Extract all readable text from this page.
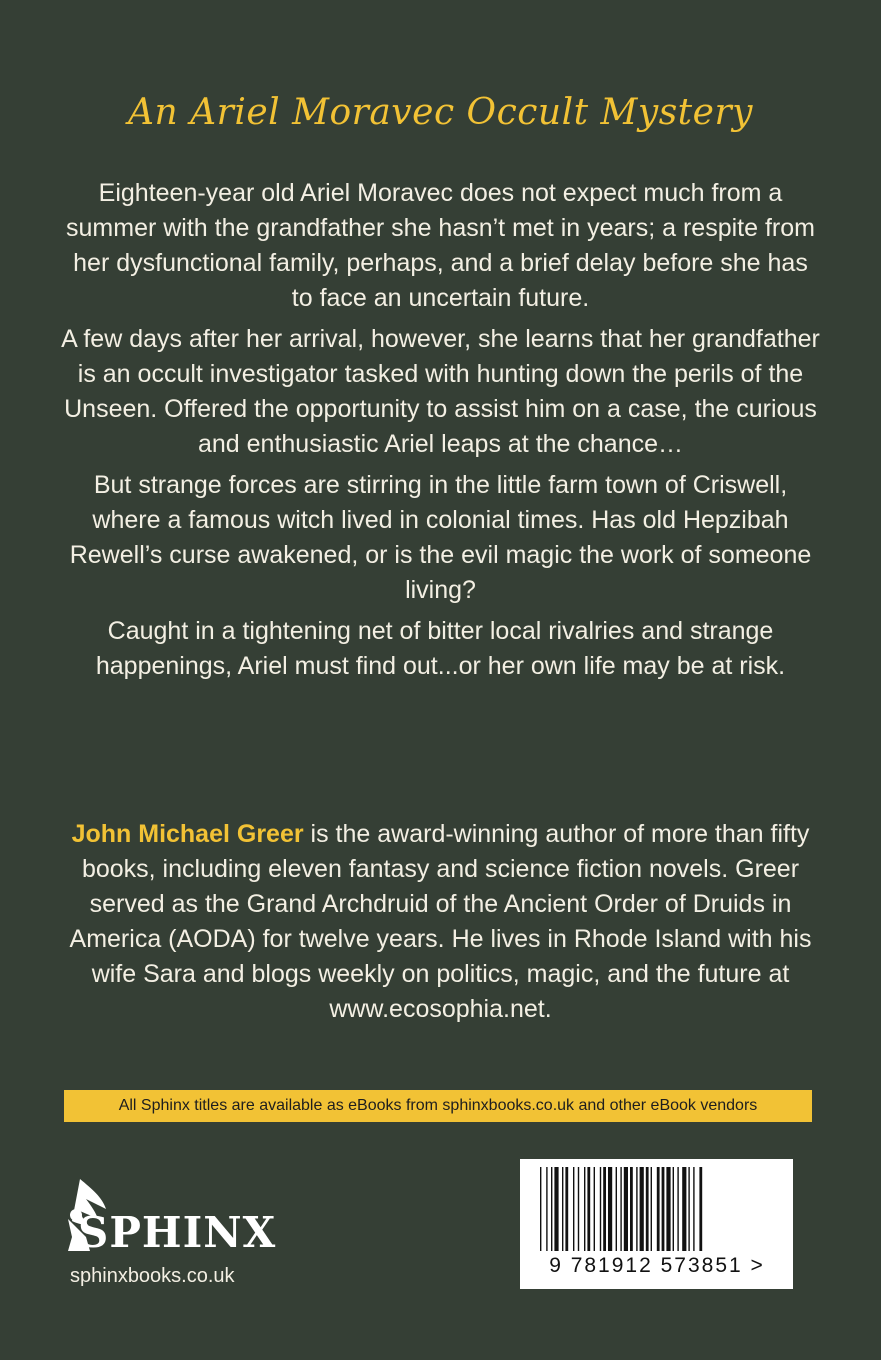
An Ariel Moravec Occult Mystery

Eighteen-year old Ariel Moravec does not expect much from a summer with the grandfather she hasn’t met in years; a respite from her dysfunctional family, perhaps, and a brief delay before she has to face an uncertain future.

A few days after her arrival, however, she learns that her grandfather is an occult investigator tasked with hunting down the perils of the Unseen. Offered the opportunity to assist him on a case, the curious and enthusiastic Ariel leaps at the chance…

But strange forces are stirring in the little farm town of Criswell, where a famous witch lived in colonial times. Has old Hepzibah Rewell’s curse awakened, or is the evil magic the work of someone living?

Caught in a tightening net of bitter local rivalries and strange happenings, Ariel must find out...or her own life may be at risk.

John Michael Greer is the award-winning author of more than fifty books, including eleven fantasy and science fiction novels. Greer served as the Grand Archdruid of the Ancient Order of Druids in America (AODA) for twelve years. He lives in Rhode Island with his wife Sara and blogs weekly on politics, magic, and the future at www.ecosophia.net.

All Sphinx titles are available as eBooks from sphinxbooks.co.uk and other eBook vendors
SPHINX
sphinxbooks.co.uk	9 781912 573851 >
